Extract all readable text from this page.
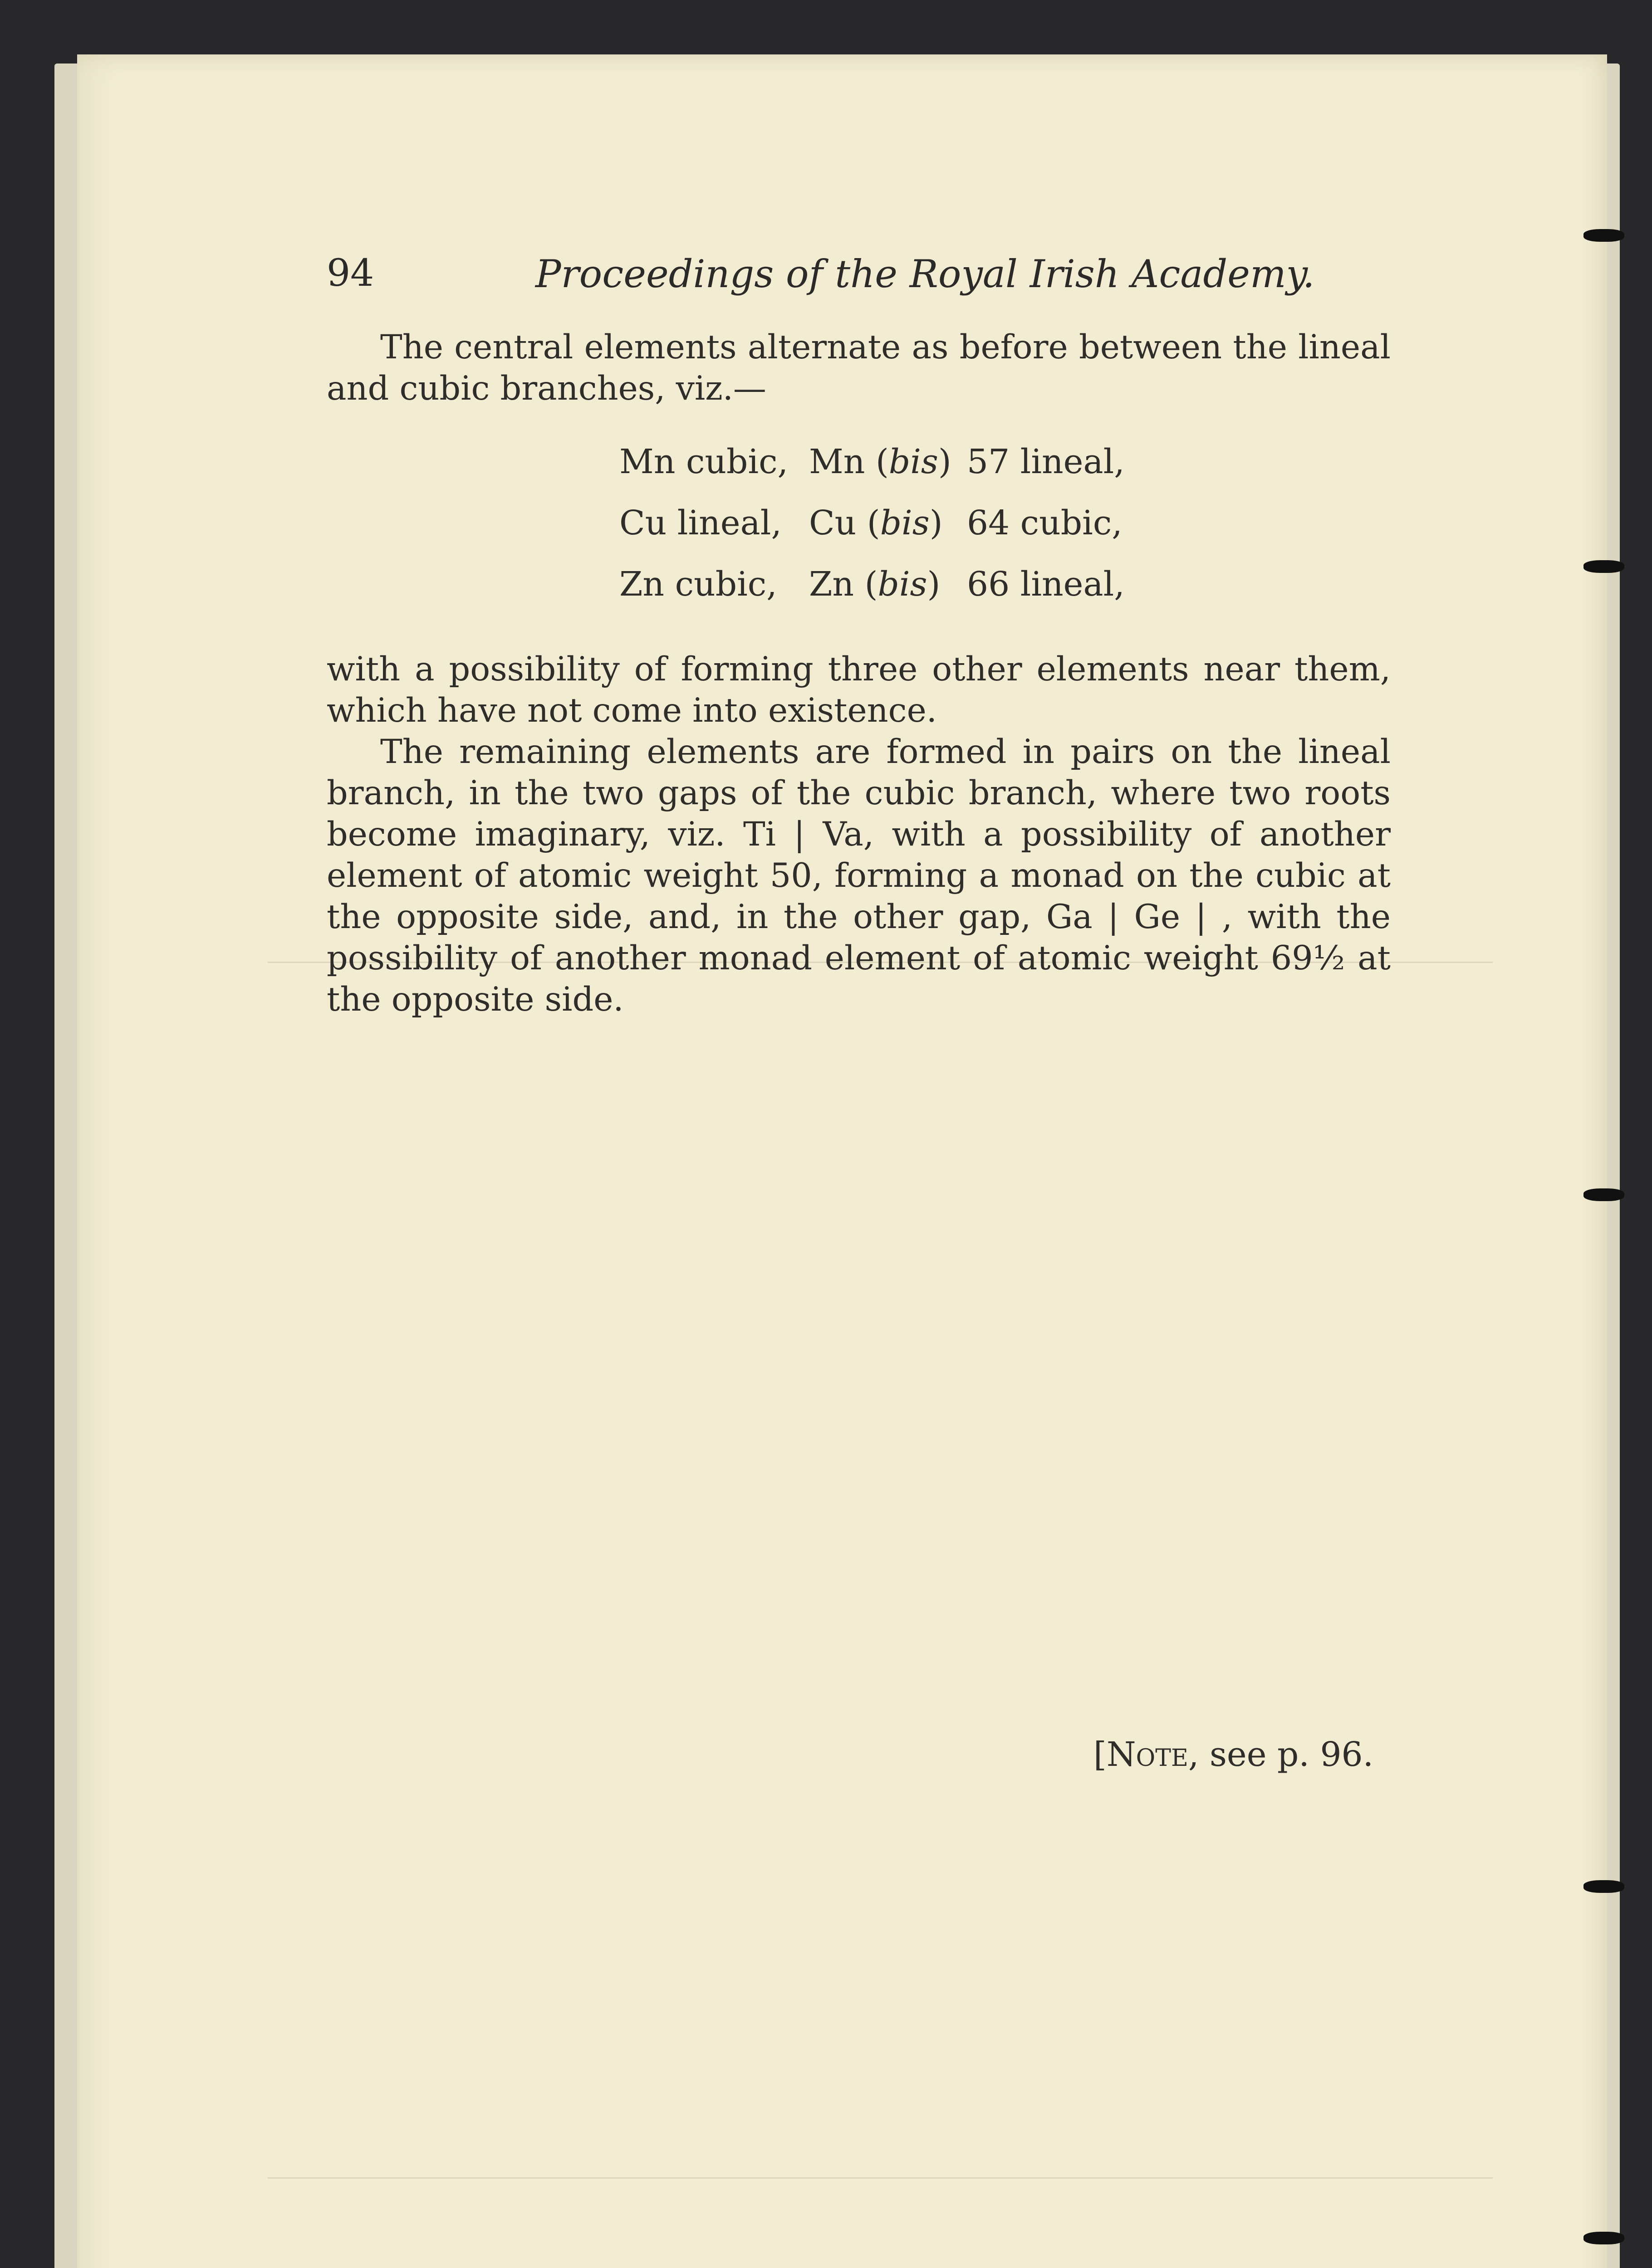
94	Proceedings of the Royal Irish Academy.
The central elements alternate as before between the lineal and cubic branches, viz.—
Mn cubic, Mn (bis) 57 lineal,
Cu lineal, Cu (bis) 64 cubic,
Zn cubic, Zn (bis) 66 lineal,
with a possibility of forming three other elements near them, which have not come into existence.
The remaining elements are formed in pairs on the lineal branch, in the two gaps of the cubic branch, where two roots become imaginary, viz. Ti | Va, with a possibility of another element of atomic weight 50, forming a monad on the cubic at the opposite side, and, in the other gap, Ga | Ge | , with the possibility of another monad element of atomic weight 69½ at the opposite side.
[Note, see p. 96.
